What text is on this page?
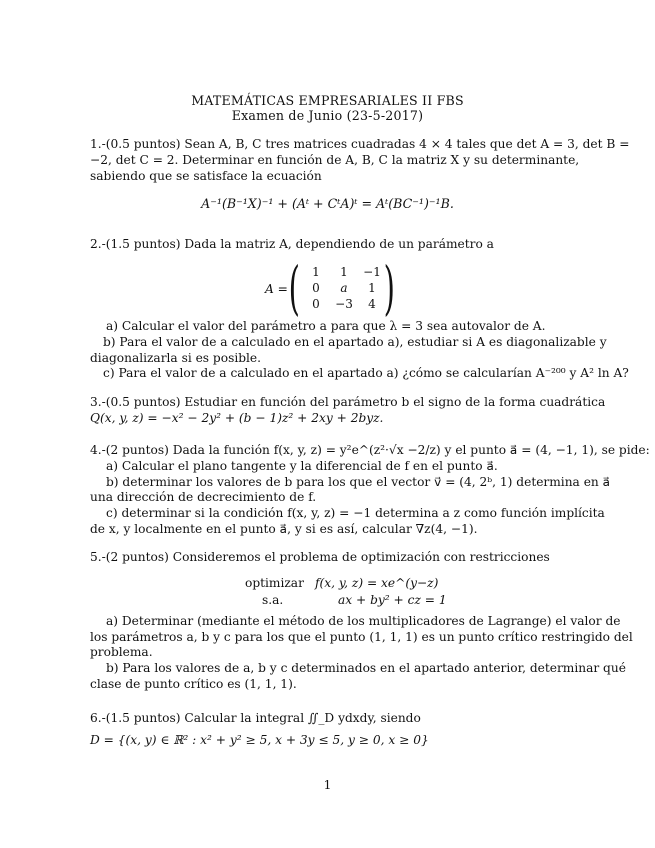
MATEMÁTICAS EMPRESARIALES II FBS
Examen de Junio (23-5-2017)
1.-(0.5 puntos) Sean A, B, C tres matrices cuadradas 4 × 4 tales que det A = 3, det B =
−2, det C = 2. Determinar en función de A, B, C la matriz X y su determinante,
sabiendo que se satisface la ecuación
A⁻¹(B⁻¹X)⁻¹ + (Aᵗ + CᵗA)ᵗ = Aᵗ(BC⁻¹)⁻¹B.
2.-(1.5 puntos) Dada la matriz A, dependiendo de un parámetro a
A = ( 1	1	−1
0	a	1
0	−3	4 )
a) Calcular el valor del parámetro a para que λ = 3 sea autovalor de A.
b) Para el valor de a calculado en el apartado a), estudiar si A es diagonalizable y
diagonalizarla si es posible.
c) Para el valor de a calculado en el apartado a) ¿cómo se calcularían A⁻²⁰⁰ y A² ln A?
3.-(0.5 puntos) Estudiar en función del parámetro b el signo de la forma cuadrática
Q(x, y, z) = −x² − 2y² + (b − 1)z² + 2xy + 2byz.
4.-(2 puntos) Dada la función f(x, y, z) = y²e^(z²·√x −2/z) y el punto a⃗ = (4, −1, 1), se pide:
a) Calcular el plano tangente y la diferencial de f en el punto a⃗.
b) determinar los valores de b para los que el vector v⃗ = (4, 2ᵇ, 1) determina en a⃗
una dirección de decrecimiento de f.
c) determinar si la condición f(x, y, z) = −1 determina a z como función implícita
de x, y localmente en el punto a⃗, y si es así, calcular ∇z(4, −1).
5.-(2 puntos) Consideremos el problema de optimización con restricciones
optimizar f(x, y, z) = xe^(y−z)
s.a.	ax + by² + cz = 1
a) Determinar (mediante el método de los multiplicadores de Lagrange) el valor de
los parámetros a, b y c para los que el punto (1, 1, 1) es un punto crítico restringido del
problema.
b) Para los valores de a, b y c determinados en el apartado anterior, determinar qué
clase de punto crítico es (1, 1, 1).
6.-(1.5 puntos) Calcular la integral ∬_D ydxdy, siendo
D = {(x, y) ∈ ℝ² : x² + y² ≥ 5, x + 3y ≤ 5, y ≥ 0, x ≥ 0}
1
